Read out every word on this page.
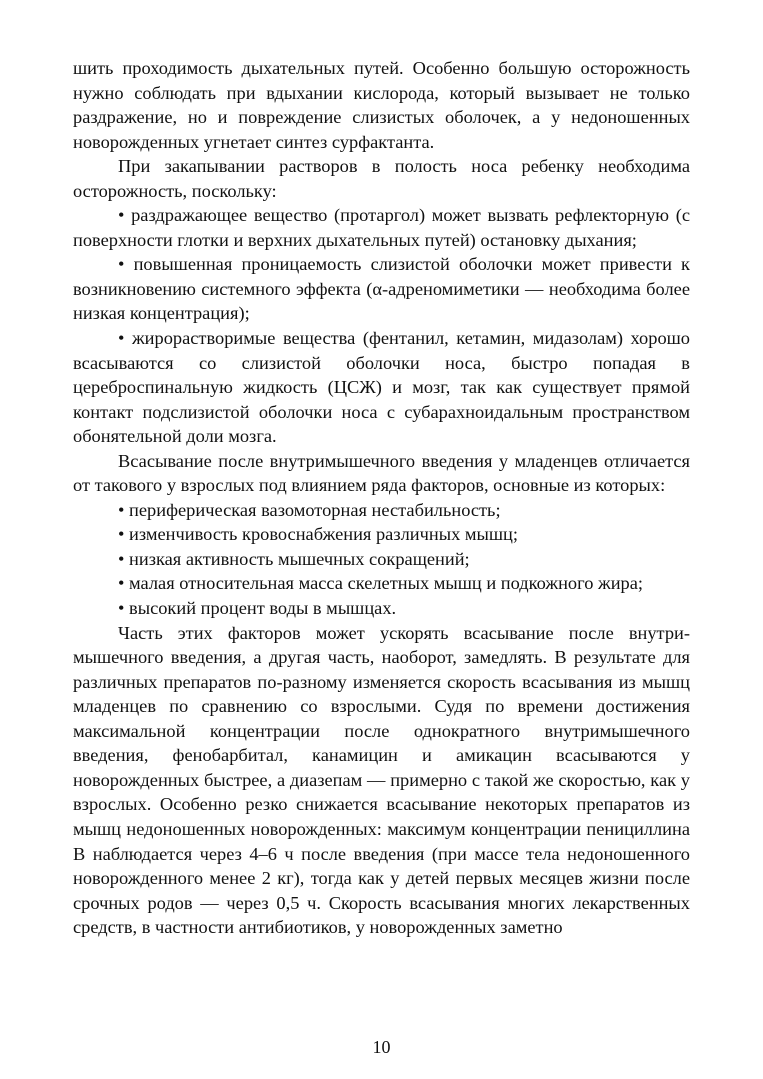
шить проходимость дыхательных путей. Особенно большую осторожность нужно соблюдать при вдыхании кислорода, который вызывает не только раздражение, но и повреждение слизистых оболочек, а у недоношенных новорожденных угнетает синтез сурфактанта.

При закапывании растворов в полость носа ребенку необходима осторожность, поскольку:

• раздражающее вещество (протаргол) может вызвать рефлекторную (с поверхности глотки и верхних дыхательных путей) остановку дыхания;

• повышенная проницаемость слизистой оболочки может привести к возникновению системного эффекта (α-адреномиметики — необходима более низкая концентрация);

• жирорастворимые вещества (фентанил, кетамин, мидазолам) хорошо всасываются со слизистой оболочки носа, быстро попадая в цереброспинальную жидкость (ЦСЖ) и мозг, так как существует прямой контакт подслизистой оболочки носа с субарахноидальным пространством обонятельной доли мозга.

Всасывание после внутримышечного введения у младенцев отличается от такового у взрослых под влиянием ряда факторов, основные из которых:

• периферическая вазомоторная нестабильность;

• изменчивость кровоснабжения различных мышц;

• низкая активность мышечных сокращений;

• малая относительная масса скелетных мышц и подкожного жира;

• высокий процент воды в мышцах.

Часть этих факторов может ускорять всасывание после внутримышечного введения, а другая часть, наоборот, замедлять. В результате для различных препаратов по-разному изменяется скорость всасывания из мышц младенцев по сравнению со взрослыми. Судя по времени достижения максимальной концентрации после однократного внутримышечного введения, фенобарбитал, канамицин и амикацин всасываются у новорожденных быстрее, а диазепам — примерно с такой же скоростью, как у взрослых. Особенно резко снижается всасывание некоторых препаратов из мышц недоношенных новорожденных: максимум концентрации пенициллина B наблюдается через 4–6 ч после введения (при массе тела недоношенного новорожденного менее 2 кг), тогда как у детей первых месяцев жизни после срочных родов — через 0,5 ч. Скорость всасывания многих лекарственных средств, в частности антибиотиков, у новорожденных заметно

10
